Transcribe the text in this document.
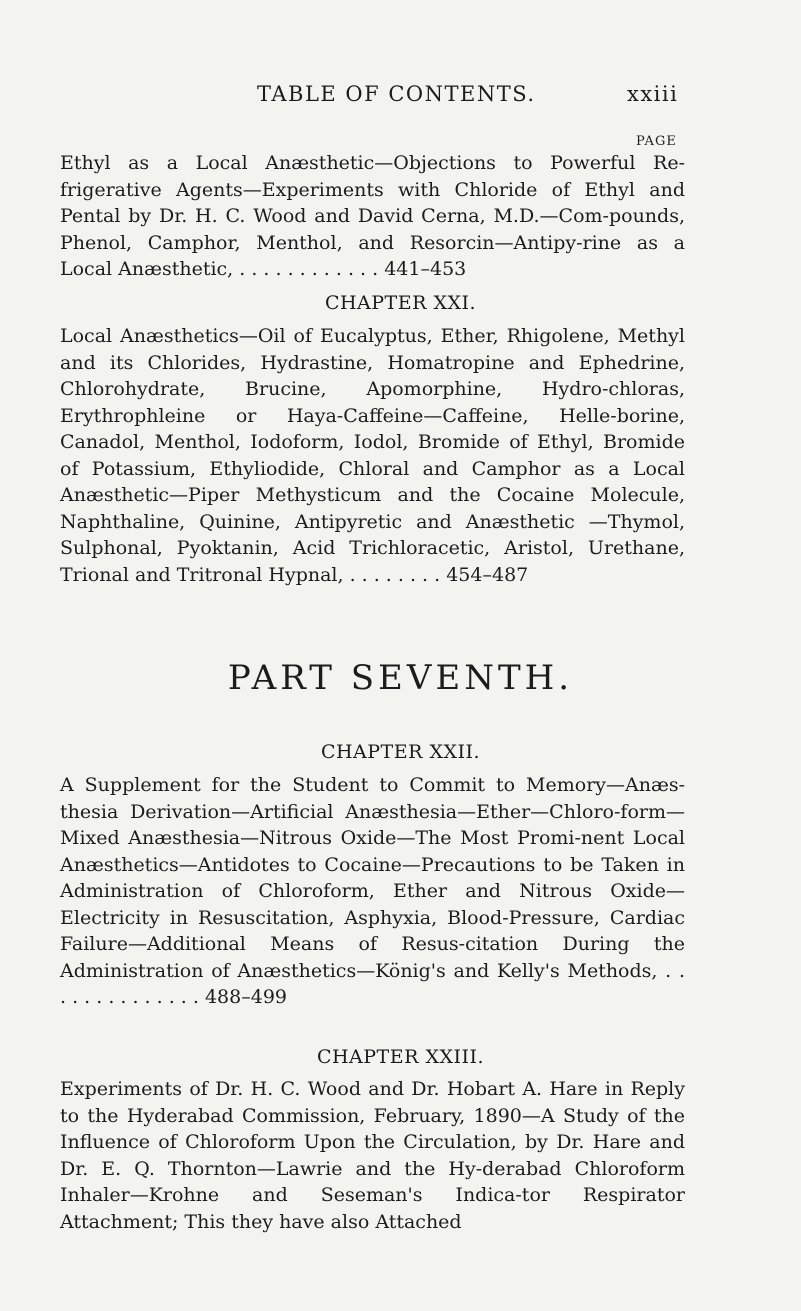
TABLE OF CONTENTS.	xxiii
PAGE
Ethyl as a Local Anæsthetic—Objections to Powerful Re-frigerative Agents—Experiments with Chloride of Ethyl and Pental by Dr. H. C. Wood and David Cerna, M.D.—Com-pounds, Phenol, Camphor, Menthol, and Resorcin—Antipy-rine as a Local Anæsthetic, . . . . . . . . . . . . 441–453
CHAPTER XXI.
Local Anæsthetics—Oil of Eucalyptus, Ether, Rhigolene, Methyl and its Chlorides, Hydrastine, Homatropine and Ephedrine, Chlorohydrate, Brucine, Apomorphine, Hydro-chloras, Erythrophleine or Haya-Caffeine—Caffeine, Helle-borine, Canadol, Menthol, Iodoform, Iodol, Bromide of Ethyl, Bromide of Potassium, Ethyliodide, Chloral and Camphor as a Local Anæsthetic—Piper Methysticum and the Cocaine Molecule, Naphthaline, Quinine, Antipyretic and Anæsthetic —Thymol, Sulphonal, Pyoktanin, Acid Trichloracetic, Aristol, Urethane, Trional and Tritronal Hypnal, . . . . . . . . 454–487
PART SEVENTH.
CHAPTER XXII.
A Supplement for the Student to Commit to Memory—Anæs-thesia Derivation—Artificial Anæsthesia—Ether—Chloro-form—Mixed Anæsthesia—Nitrous Oxide—The Most Promi-nent Local Anæsthetics—Antidotes to Cocaine—Precautions to be Taken in Administration of Chloroform, Ether and Nitrous Oxide—Electricity in Resuscitation, Asphyxia, Blood-Pressure, Cardiac Failure—Additional Means of Resus-citation During the Administration of Anæsthetics—König's and Kelly's Methods, . . . . . . . . . . . . . . 488–499
CHAPTER XXIII.
Experiments of Dr. H. C. Wood and Dr. Hobart A. Hare in Reply to the Hyderabad Commission, February, 1890—A Study of the Influence of Chloroform Upon the Circulation, by Dr. Hare and Dr. E. Q. Thornton—Lawrie and the Hy-derabad Chloroform Inhaler—Krohne and Seseman's Indica-tor Respirator Attachment; This they have also Attached
